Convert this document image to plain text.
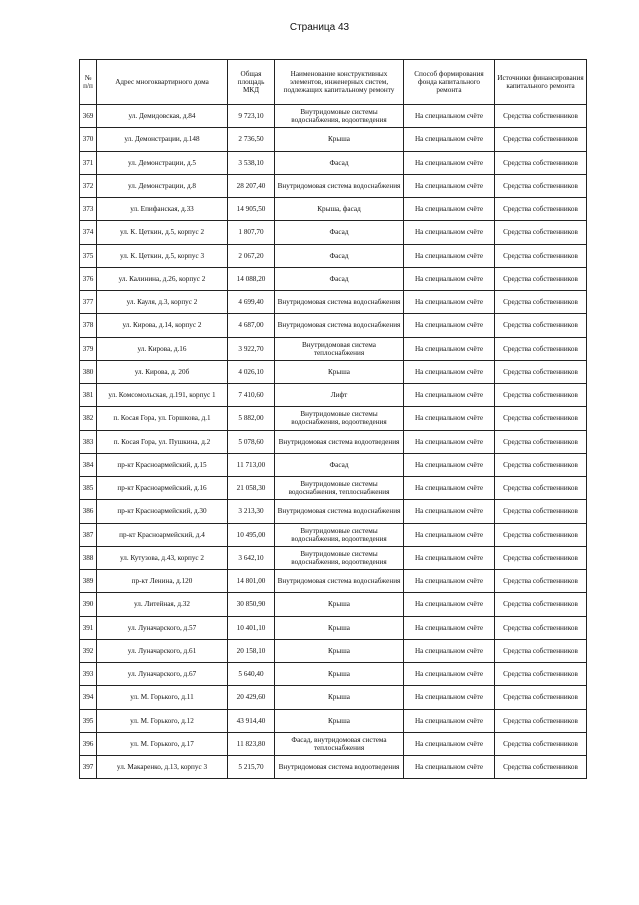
Страница 43
№ п/п	Адрес многоквартирного дома	Общая площадь МКД	Наименование конструктивных элементов, инженерных систем, подлежащих капитальному ремонту	Способ формирования фонда капитального ремонта	Источники финансирования капитального ремонта
369	ул. Демидовская, д.84	9 723,10	Внутридомовые системы водоснабжения, водоотведения	На специальном счёте	Средства собственников
370	ул. Демонстрации, д.148	2 736,50	Крыша	На специальном счёте	Средства собственников
371	ул. Демонстрации, д.5	3 538,10	Фасад	На специальном счёте	Средства собственников
372	ул. Демонстрации, д.8	28 207,40	Внутридомовая система водоснабжения	На специальном счёте	Средства собственников
373	ул. Епифанская, д.33	14 905,50	Крыша, фасад	На специальном счёте	Средства собственников
374	ул. К. Цеткин, д.5, корпус 2	1 807,70	Фасад	На специальном счёте	Средства собственников
375	ул. К. Цеткин, д.5, корпус 3	2 067,20	Фасад	На специальном счёте	Средства собственников
376	ул. Калинина, д.26, корпус 2	14 088,20	Фасад	На специальном счёте	Средства собственников
377	ул. Кауля, д.3, корпус 2	4 699,40	Внутридомовая система водоснабжения	На специальном счёте	Средства собственников
378	ул. Кирова, д.14, корпус 2	4 687,00	Внутридомовая система водоснабжения	На специальном счёте	Средства собственников
379	ул. Кирова, д.16	3 922,70	Внутридомовая система теплоснабжения	На специальном счёте	Средства собственников
380	ул. Кирова, д. 20б	4 026,10	Крыша	На специальном счёте	Средства собственников
381	ул. Комсомольская, д.191, корпус 1	7 410,60	Лифт	На специальном счёте	Средства собственников
382	п. Косая Гора, ул. Горшкова, д.1	5 882,00	Внутридомовые системы водоснабжения, водоотведения	На специальном счёте	Средства собственников
383	п. Косая Гора, ул. Пушкина, д.2	5 078,60	Внутридомовая система водоотведения	На специальном счёте	Средства собственников
384	пр-кт Красноармейский, д.15	11 713,00	Фасад	На специальном счёте	Средства собственников
385	пр-кт Красноармейский, д.16	21 058,30	Внутридомовые системы водоснабжения, теплоснабжения	На специальном счёте	Средства собственников
386	пр-кт Красноармейский, д.30	3 213,30	Внутридомовая система водоснабжения	На специальном счёте	Средства собственников
387	пр-кт Красноармейский, д.4	10 495,00	Внутридомовые системы водоснабжения, водоотведения	На специальном счёте	Средства собственников
388	ул. Кутузова, д.43, корпус 2	3 642,10	Внутридомовые системы водоснабжения, водоотведения	На специальном счёте	Средства собственников
389	пр-кт Ленина, д.120	14 801,00	Внутридомовая система водоснабжения	На специальном счёте	Средства собственников
390	ул. Литейная, д.32	30 850,90	Крыша	На специальном счёте	Средства собственников
391	ул. Луначарского, д.57	10 401,10	Крыша	На специальном счёте	Средства собственников
392	ул. Луначарского, д.61	20 158,10	Крыша	На специальном счёте	Средства собственников
393	ул. Луначарского, д.67	5 640,40	Крыша	На специальном счёте	Средства собственников
394	ул. М. Горького, д.11	20 429,60	Крыша	На специальном счёте	Средства собственников
395	ул. М. Горького, д.12	43 914,40	Крыша	На специальном счёте	Средства собственников
396	ул. М. Горького, д.17	11 823,80	Фасад, внутридомовая система теплоснабжения	На специальном счёте	Средства собственников
397	ул. Макаренко, д.13, корпус 3	5 215,70	Внутридомовая система водоотведения	На специальном счёте	Средства собственников
